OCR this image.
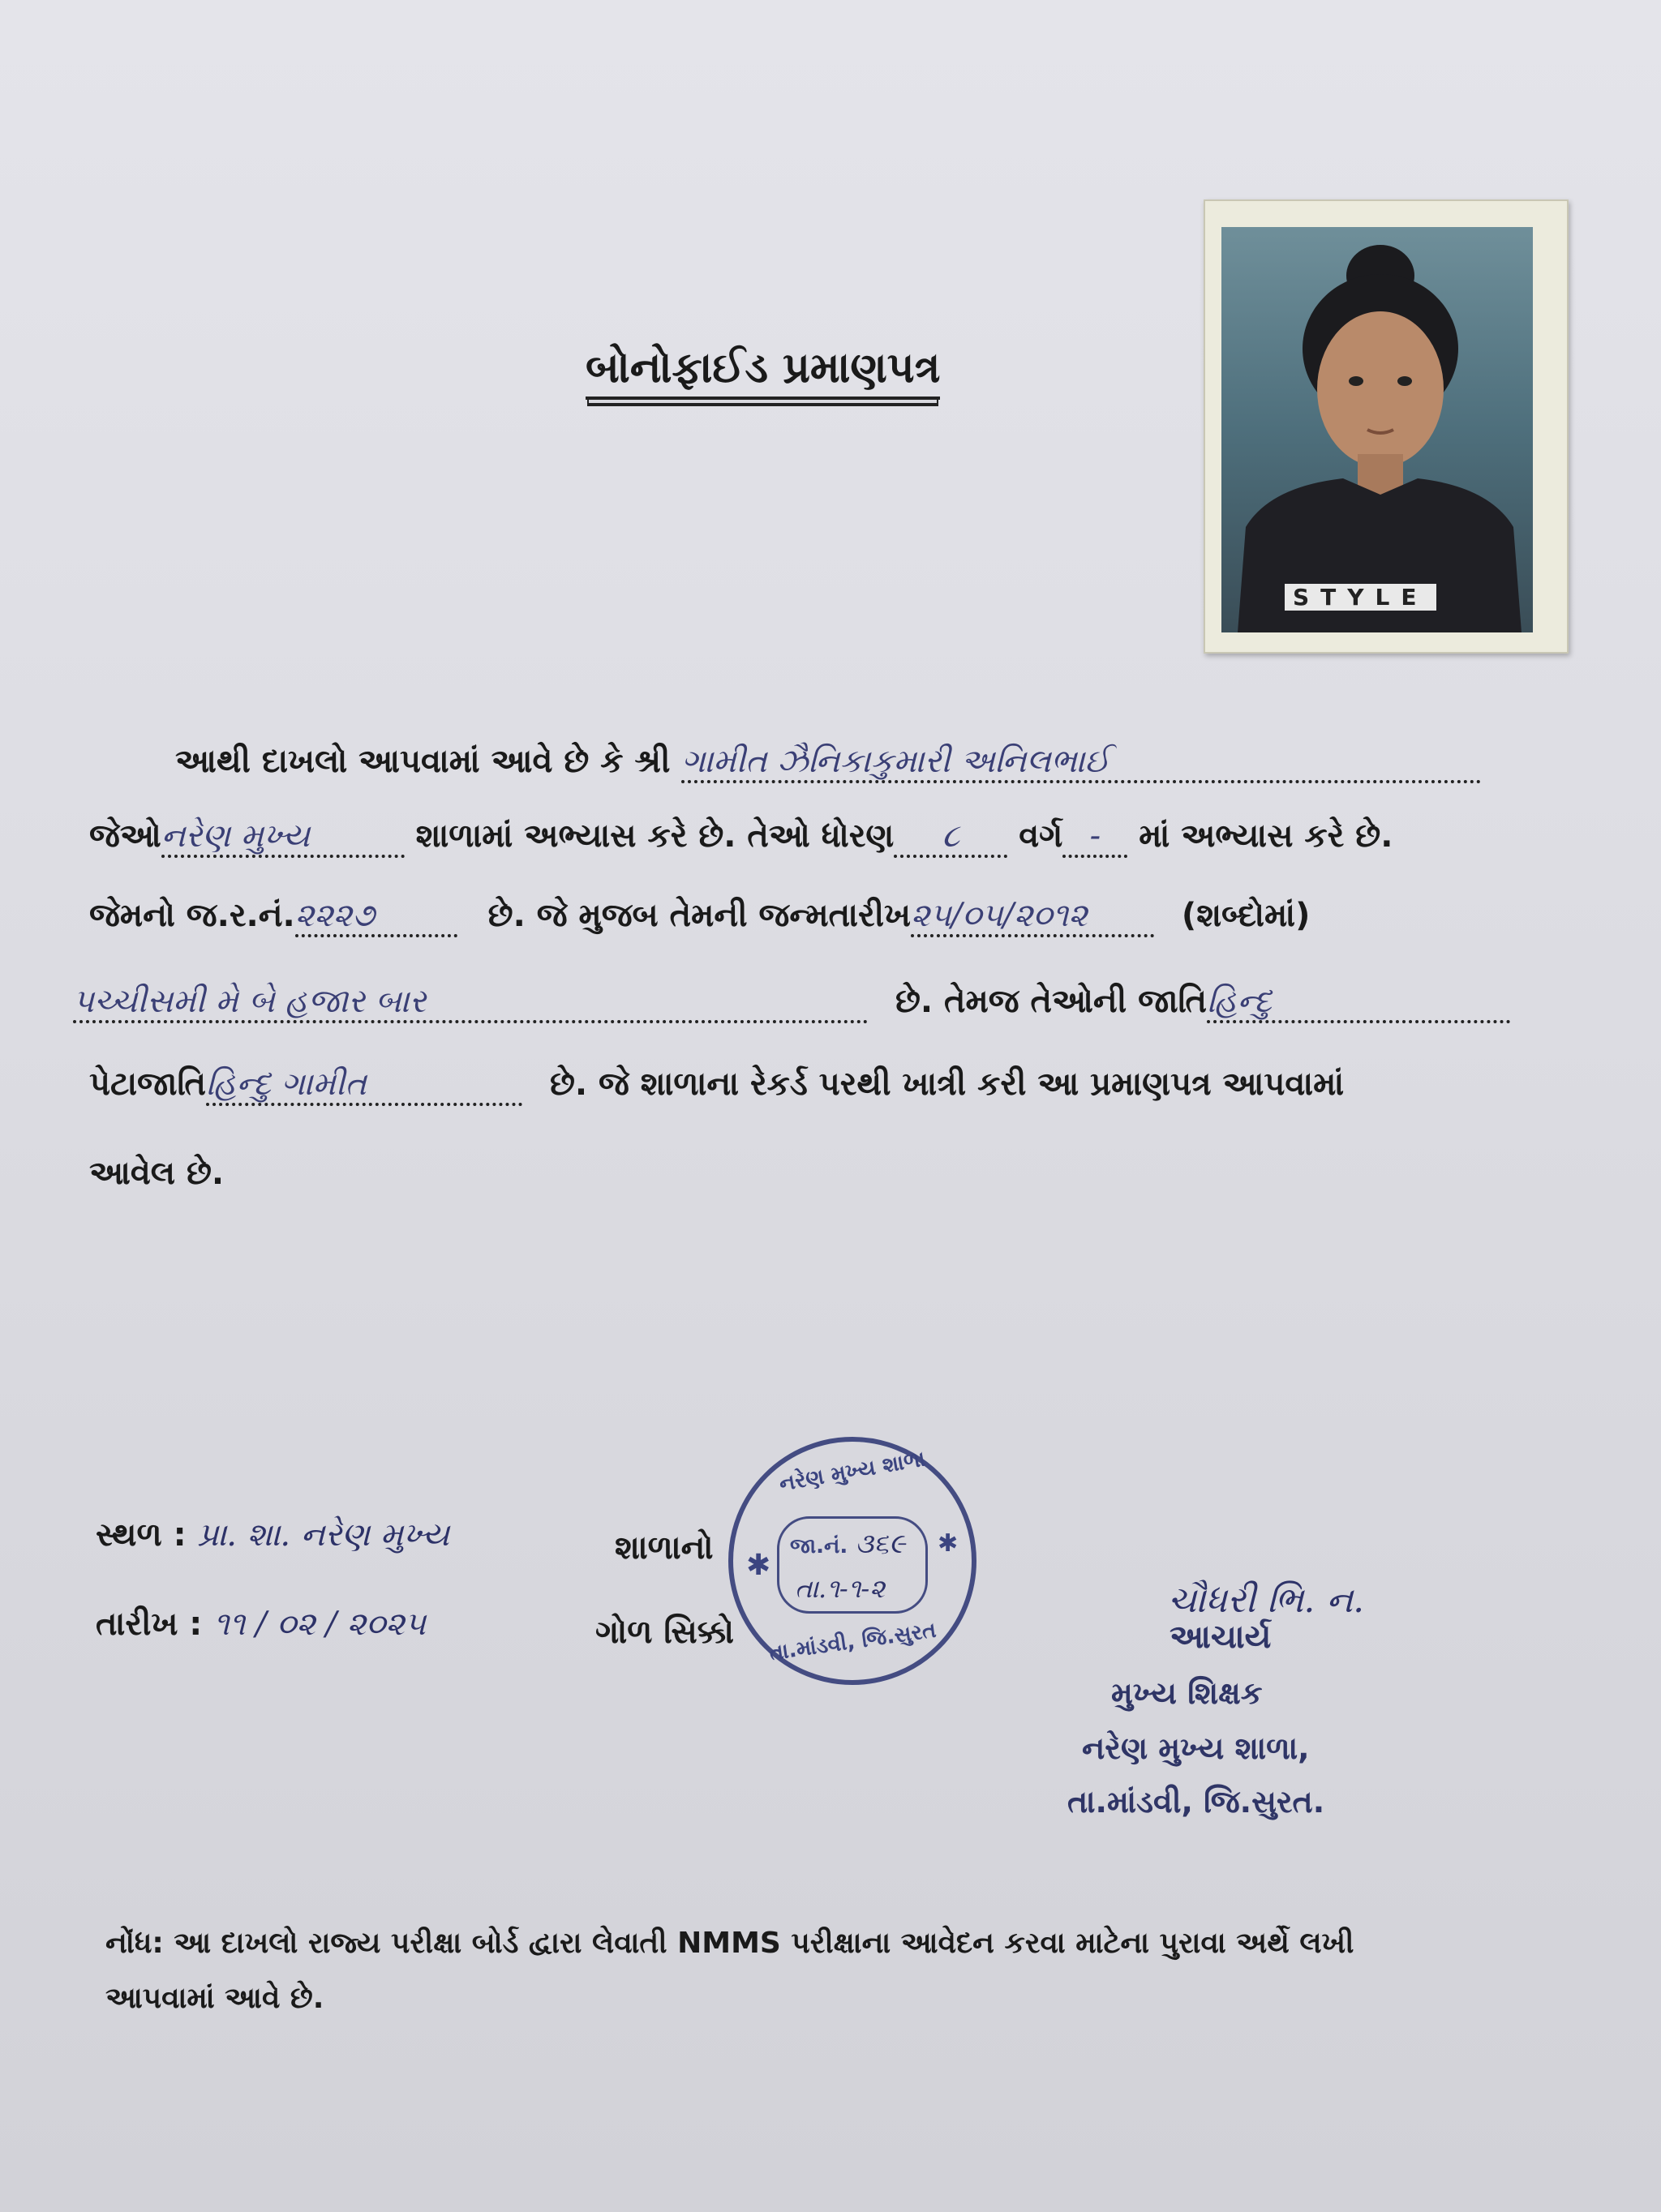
બોનોફાઈડ પ્રમાણપત્ર
STYLE
આથી દાખલો આપવામાં આવે છે કે શ્રી ગામીત ઝૈનિકાકુમારી અનિલભાઈ
જેઓનરેણ મુખ્ય	શાળામાં અભ્યાસ કરે છે. તેઓ ધોરણ ૮ વર્ગ - માં અભ્યાસ કરે છે.
જેમનો જ.ર.નં.૨૨૨૭	છે. જે મુજબ તેમની જન્મતારીખ૨૫/૦૫/૨૦૧૨	(શબ્દોમાં)
પચ્ચીસમી મે બે હજાર બાર	છે. તેમજ તેઓની જાતિહિન્દુ
પેટાજાતિહિન્દુ ગામીત	છે. જે શાળાના રેકર્ડ પરથી ખાત્રી કરી આ પ્રમાણપત્ર આપવામાં
આવેલ છે.
સ્થળ : પ્રા. શા. નરેણ મુખ્ય
તારીખ : ૧૧ / ૦૨ / ૨૦૨૫
શાળાનો
ગોળ સિક્કો
નરેણ મુખ્ય શાળા
જા.નં. ૩૬૯
તા.૧-૧-૨
તા.માંડવી, જિ.સુરત
✱
✱
ચૌધરી ભિ. ન.
આચાર્ય
મુખ્ય શિક્ષક
નરેણ મુખ્ય શાળા,
તા.માંડવી, જિ.સુરત.
નોંધ: આ દાખલો રાજ્ય પરીક્ષા બોર્ડ દ્વારા લેવાતી NMMS પરીક્ષાના આવેદન કરવા માટેના પુરાવા અર્થે લખી
આપવામાં આવે છે.
